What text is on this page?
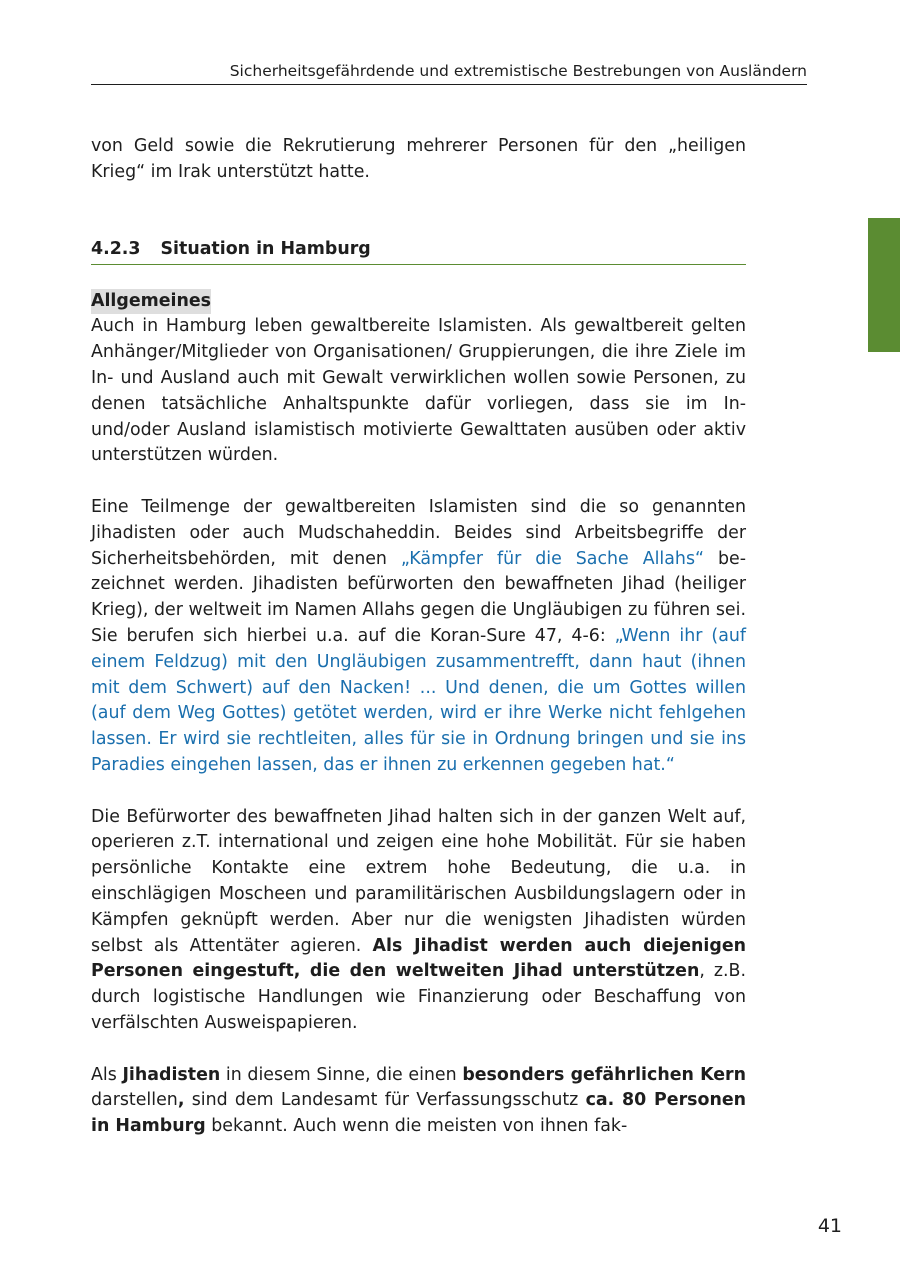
Sicherheitsgefährdende und extremistische Bestrebungen von Ausländern

von Geld sowie die Rekrutierung mehrerer Personen für den „heiligen Krieg“ im Irak unterstützt hatte.

4.2.3 Situation in Hamburg
Allgemeines

Auch in Hamburg leben gewaltbereite Islamisten. Als gewaltbereit gelten Anhänger/Mitglieder von Organisationen/ Gruppierungen, die ihre Ziele im In- und Ausland auch mit Gewalt verwirklichen wollen sowie Personen, zu denen tatsächliche Anhaltspunkte dafür vorliegen, dass sie im In- und/oder Ausland islamistisch motivierte Gewalttaten ausüben oder aktiv unterstützen würden.

Eine Teilmenge der gewaltbereiten Islamisten sind die so genannten Jihadisten oder auch Mudschaheddin. Beides sind Arbeitsbegriffe der Sicherheitsbehörden, mit denen „Kämpfer für die Sache Allahs“ bezeichnet werden. Jihadisten befürworten den bewaffneten Jihad (heiliger Krieg), der weltweit im Namen Allahs gegen die Ungläubigen zu führen sei. Sie berufen sich hierbei u.a. auf die Koran-Sure 47, 4-6: „Wenn ihr (auf einem Feldzug) mit den Ungläubigen zusammentrefft, dann haut (ihnen mit dem Schwert) auf den Nacken! ... Und denen, die um Gottes willen (auf dem Weg Gottes) getötet werden, wird er ihre Werke nicht fehlgehen lassen. Er wird sie rechtleiten, alles für sie in Ordnung bringen und sie ins Paradies eingehen lassen, das er ihnen zu erkennen gegeben hat.“

Die Befürworter des bewaffneten Jihad halten sich in der ganzen Welt auf, operieren z.T. international und zeigen eine hohe Mobilität. Für sie haben persönliche Kontakte eine extrem hohe Bedeutung, die u.a. in einschlägigen Moscheen und paramilitärischen Ausbildungslagern oder in Kämpfen geknüpft werden. Aber nur die wenigsten Jihadisten würden selbst als Attentäter agieren. Als Jihadist werden auch diejenigen Personen eingestuft, die den weltweiten Jihad unterstützen, z.B. durch logistische Handlungen wie Finanzierung oder Beschaffung von verfälschten Ausweispapieren.

Als Jihadisten in diesem Sinne, die einen besonders gefährlichen Kern darstellen, sind dem Landesamt für Verfassungsschutz ca. 80 Personen in Hamburg bekannt. Auch wenn die meisten von ihnen fak-

41
